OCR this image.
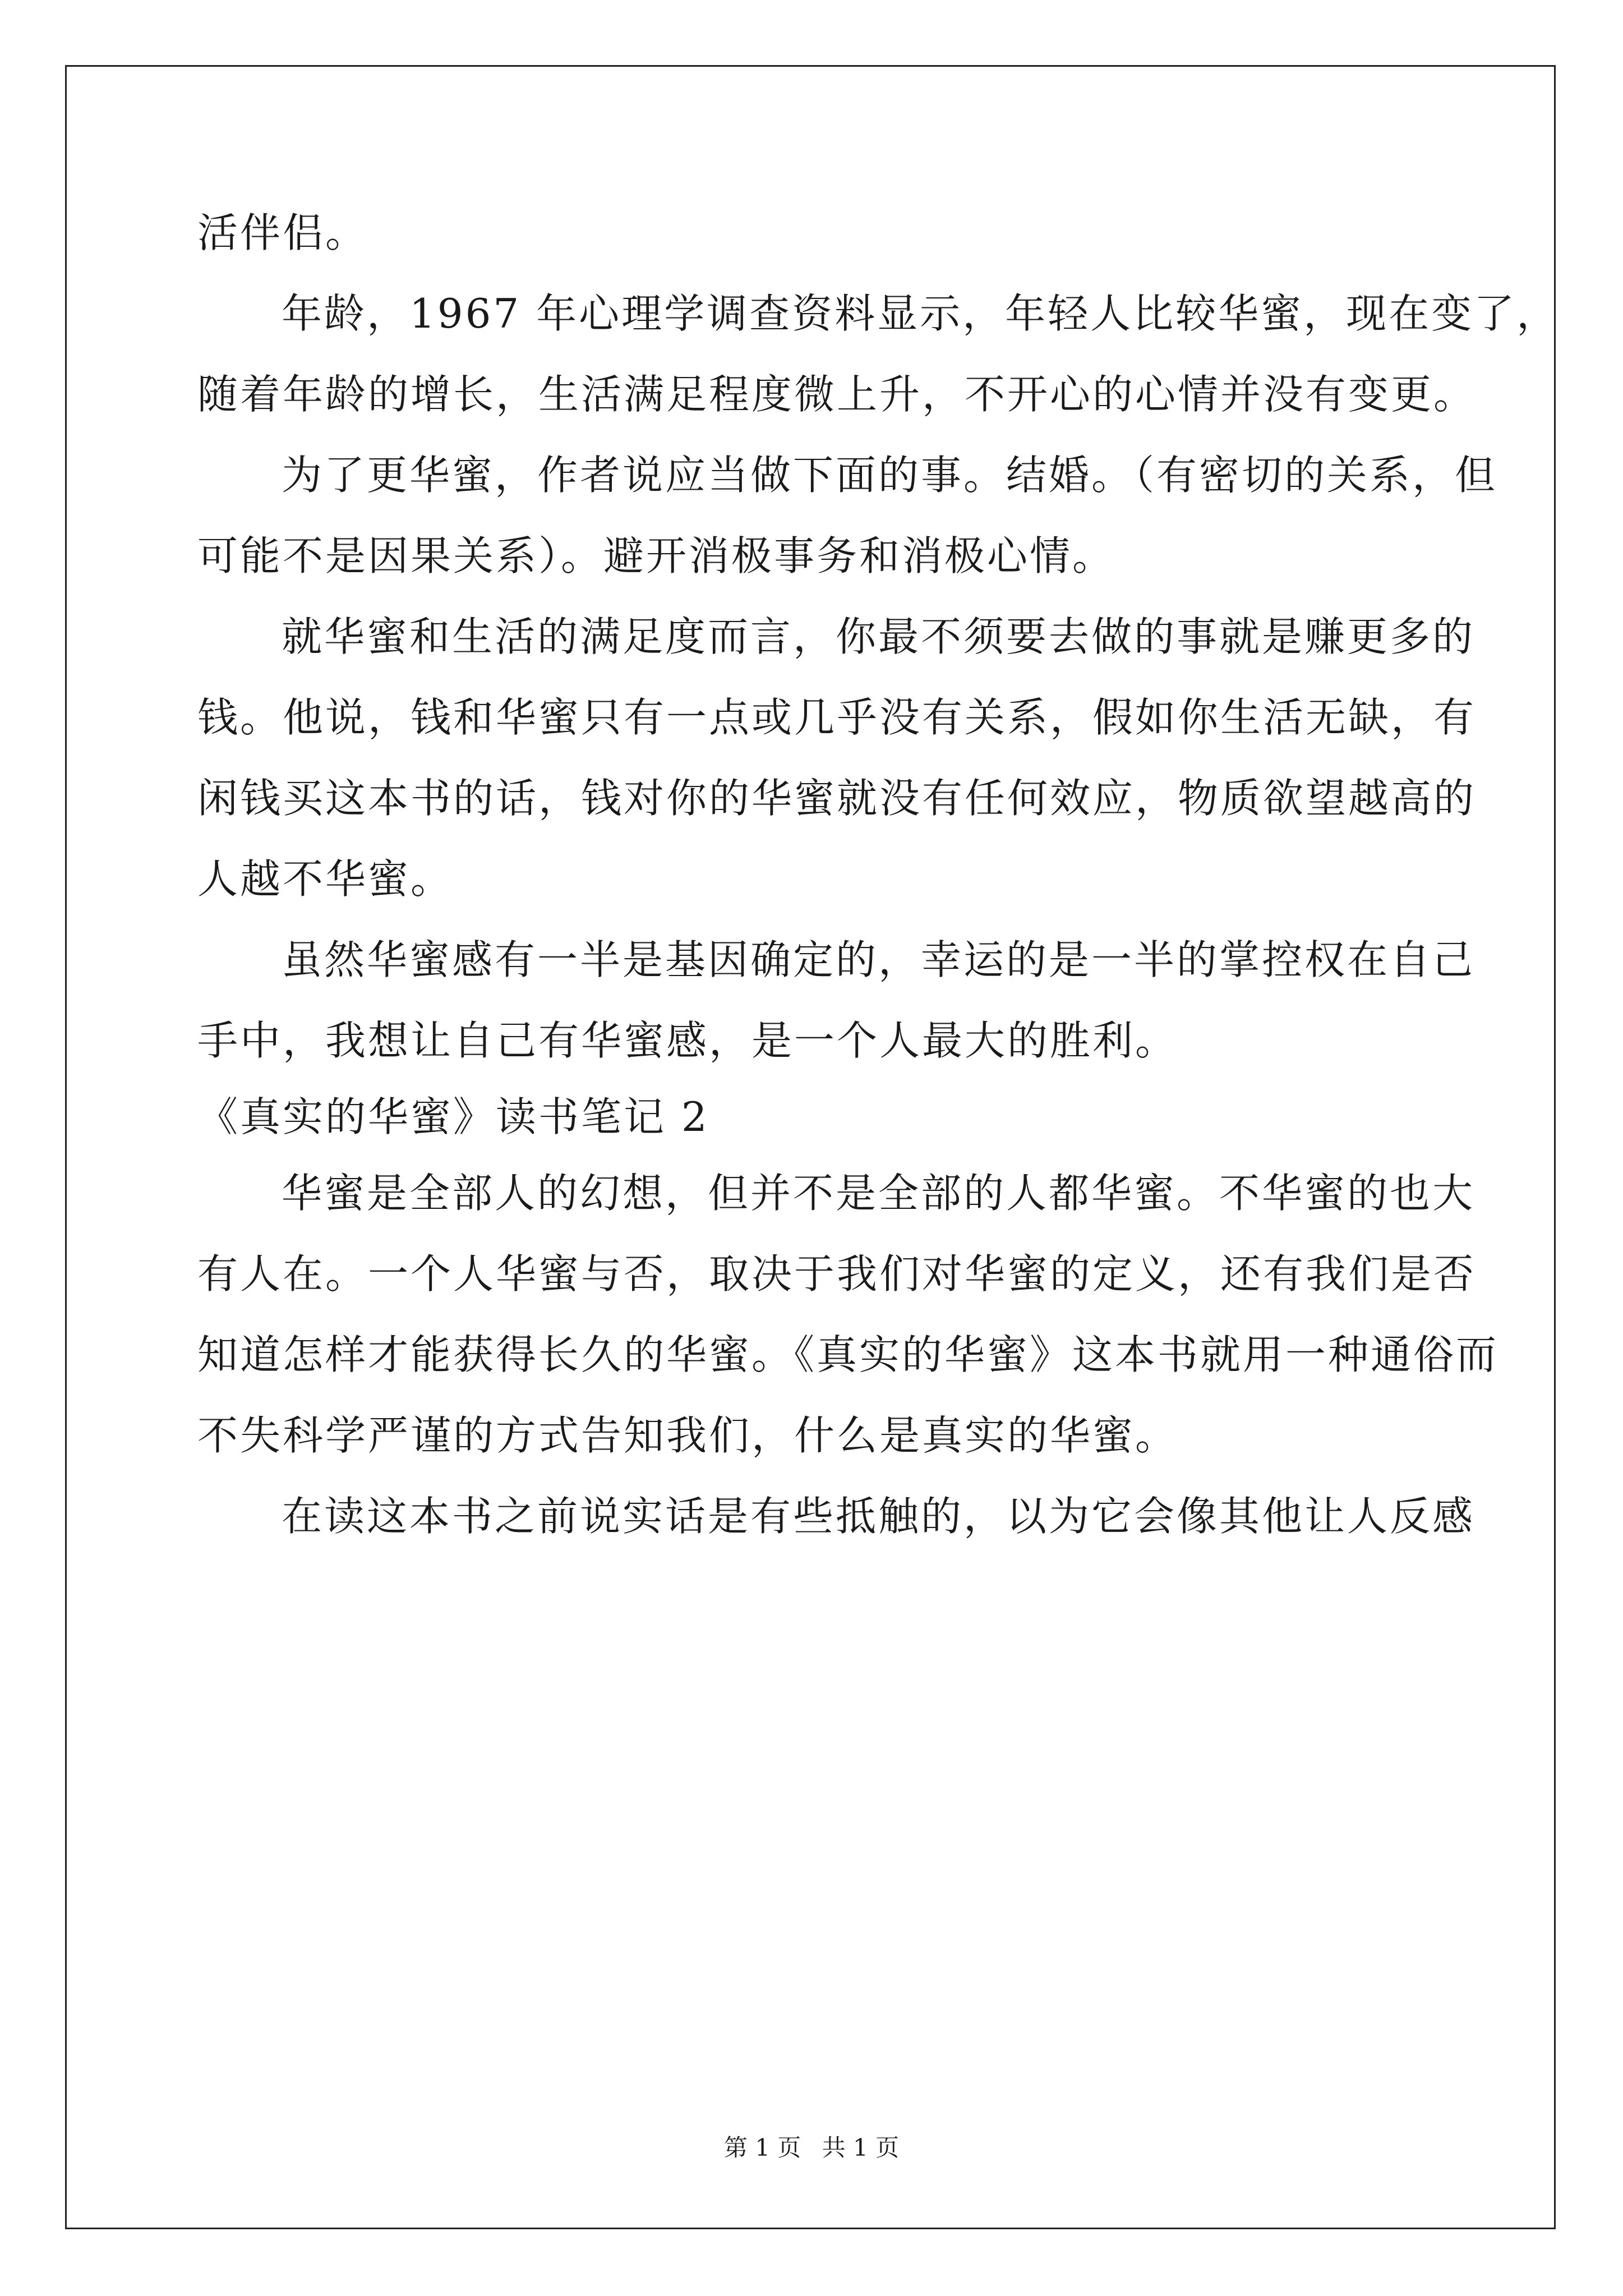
活伴侣。
年龄，1967 年心理学调查资料显示，年轻人比较华蜜，现在变了，
随着年龄的增长，生活满足程度微上升，不开心的心情并没有变更。
为了更华蜜，作者说应当做下面的事。结婚。（有密切的关系，但
可能不是因果关系）。避开消极事务和消极心情。
就华蜜和生活的满足度而言，你最不须要去做的事就是赚更多的
钱。他说，钱和华蜜只有一点或几乎没有关系，假如你生活无缺，有
闲钱买这本书的话，钱对你的华蜜就没有任何效应，物质欲望越高的
人越不华蜜。
虽然华蜜感有一半是基因确定的，幸运的是一半的掌控权在自己
手中，我想让自己有华蜜感，是一个人最大的胜利。
《真实的华蜜》读书笔记 2
华蜜是全部人的幻想，但并不是全部的人都华蜜。不华蜜的也大
有人在。一个人华蜜与否，取决于我们对华蜜的定义，还有我们是否
知道怎样才能获得长久的华蜜。《真实的华蜜》这本书就用一种通俗而
不失科学严谨的方式告知我们，什么是真实的华蜜。
在读这本书之前说实话是有些抵触的，以为它会像其他让人反感
第 1 页 共 1 页
